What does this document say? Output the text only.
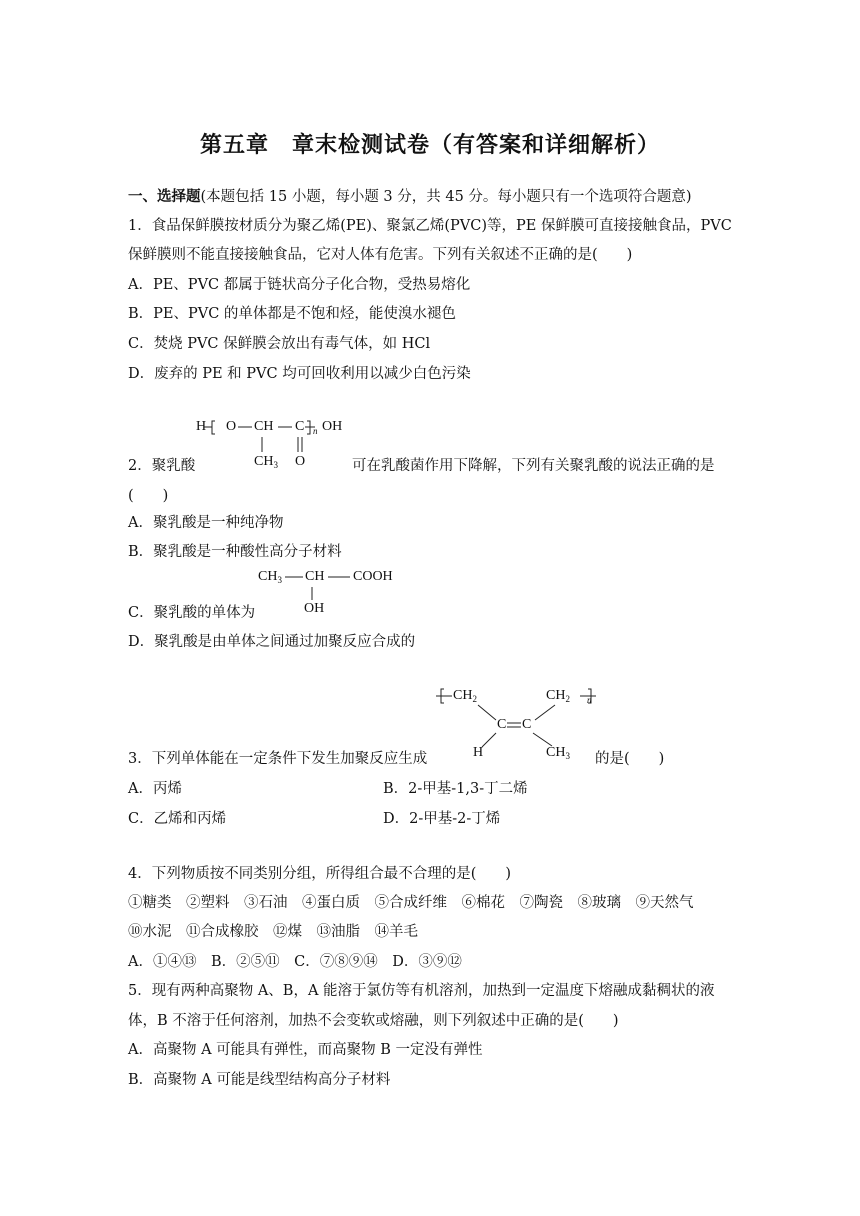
第五章　章末检测试卷（有答案和详细解析）
一、选择题(本题包括 15 小题，每小题 3 分，共 45 分。每小题只有一个选项符合题意)
1．食品保鲜膜按材质分为聚乙烯(PE)、聚氯乙烯(PVC)等，PE 保鲜膜可直接接触食品，PVC
保鲜膜则不能直接接触食品，它对人体有危害。下列有关叙述不正确的是(　　)
A．PE、PVC 都属于链状高分子化合物，受热易熔化
B．PE、PVC 的单体都是不饱和烃，能使溴水褪色
C．焚烧 PVC 保鲜膜会放出有毒气体，如 HCl
D．废弃的 PE 和 PVC 均可回收利用以减少白色污染
2．聚乳酸	可在乳酸菌作用下降解，下列有关聚乳酸的说法正确的是
(　　)
A．聚乳酸是一种纯净物
B．聚乳酸是一种酸性高分子材料
C．聚乳酸的单体为
D．聚乳酸是由单体之间通过加聚反应合成的
3．下列单体能在一定条件下发生加聚反应生成	的是(　　)
A．丙烯	B．2-甲基-1,3-丁二烯
C．乙烯和丙烯	D．2-甲基-2-丁烯
4．下列物质按不同类别分组，所得组合最不合理的是(　　)
①糖类　②塑料　③石油　④蛋白质　⑤合成纤维　⑥棉花　⑦陶瓷　⑧玻璃　⑨天然气
⑩水泥　⑪合成橡胶　⑫煤　⑬油脂　⑭羊毛
A．①④⑬　B．②⑤⑪　C．⑦⑧⑨⑭　D．③⑨⑫
5．现有两种高聚物 A、B，A 能溶于氯仿等有机溶剂，加热到一定温度下熔融成黏稠状的液
体，B 不溶于任何溶剂，加热不会变软或熔融，则下列叙述中正确的是(　　)
A．高聚物 A 可能具有弹性，而高聚物 B 一定没有弹性
B．高聚物 A 可能是线型结构高分子材料
H O CH C n OH
$CH_3$ O
$CH_3$ CH COOH
OH
$CH_2$	$CH_2$ n
C C
H	$CH_3$
